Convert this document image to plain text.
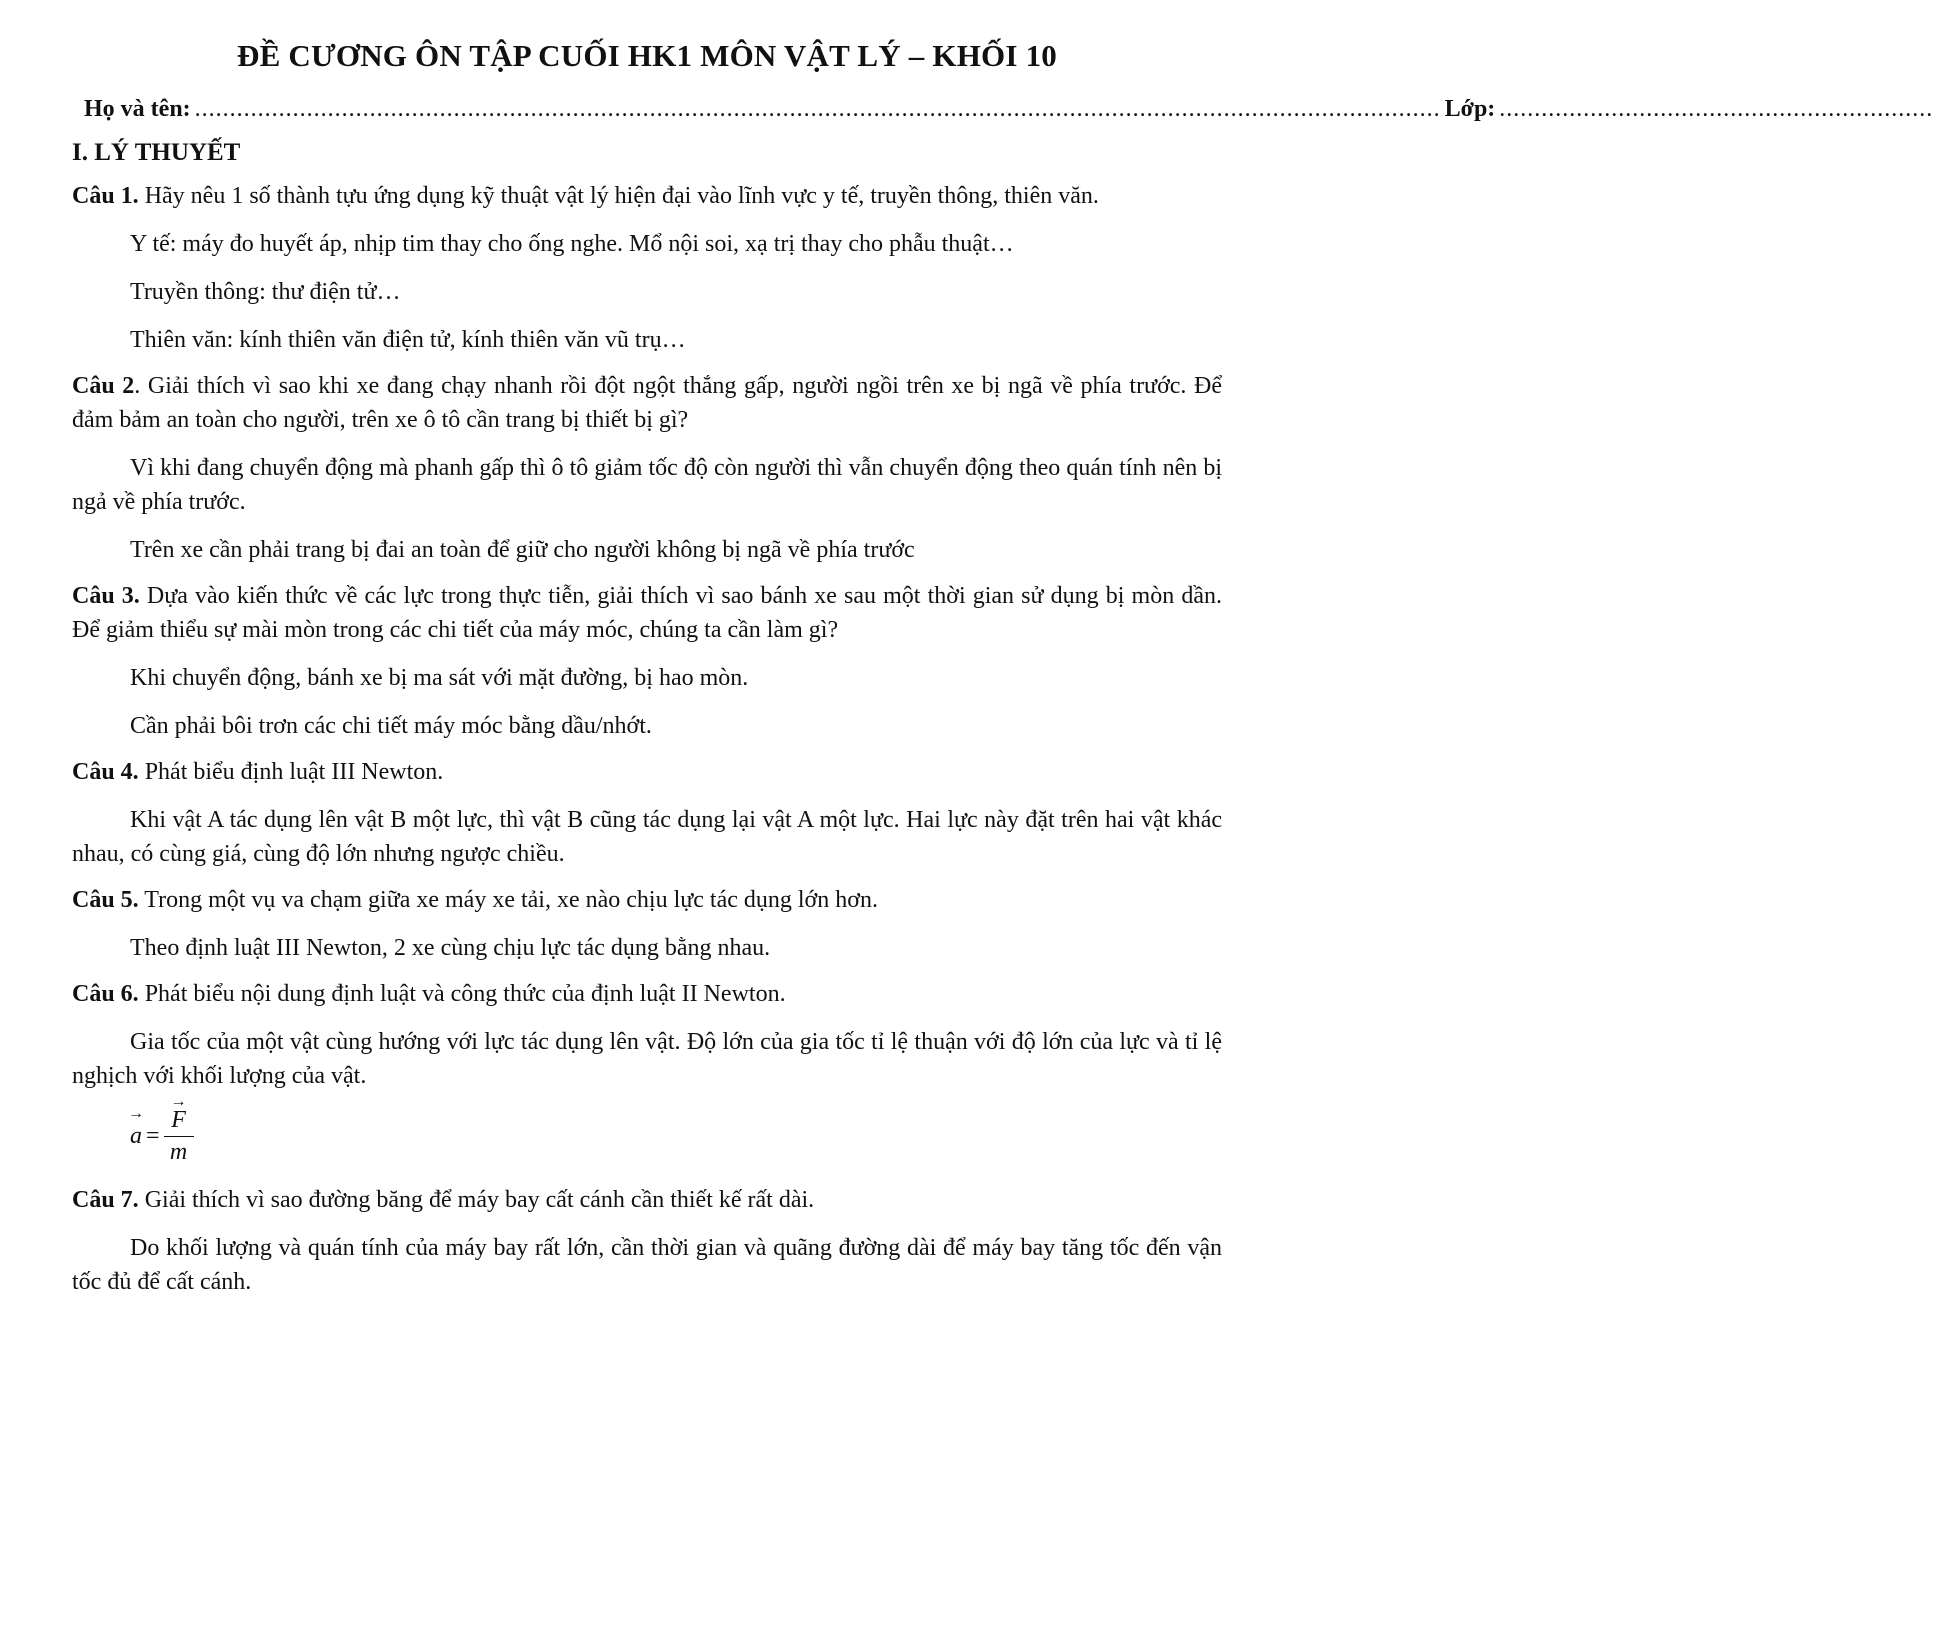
ĐỀ CƯƠNG ÔN TẬP CUỐI HK1 MÔN VẬT LÝ – KHỐI 10
Họ và tên: .................................................................................................................................................................................. Lớp: ..............................................................
I. LÝ THUYẾT
Câu 1. Hãy nêu 1 số thành tựu ứng dụng kỹ thuật vật lý hiện đại vào lĩnh vực y tế, truyền thông, thiên văn.
Y tế: máy đo huyết áp, nhịp tim thay cho ống nghe. Mổ nội soi, xạ trị thay cho phẫu thuật…
Truyền thông: thư điện tử…
Thiên văn: kính thiên văn điện tử, kính thiên văn vũ trụ…
Câu 2. Giải thích vì sao khi xe đang chạy nhanh rồi đột ngột thắng gấp, người ngồi trên xe bị ngã về phía trước. Để đảm bảm an toàn cho người, trên xe ô tô cần trang bị thiết bị gì?
Vì khi đang chuyển động mà phanh gấp thì ô tô giảm tốc độ còn người thì vẫn chuyển động theo quán tính nên bị ngả về phía trước.
Trên xe cần phải trang bị đai an toàn để giữ cho người không bị ngã về phía trước
Câu 3. Dựa vào kiến thức về các lực trong thực tiễn, giải thích vì sao bánh xe sau một thời gian sử dụng bị mòn dần. Để giảm thiểu sự mài mòn trong các chi tiết của máy móc, chúng ta cần làm gì?
Khi chuyển động, bánh xe bị ma sát với mặt đường, bị hao mòn.
Cần phải bôi trơn các chi tiết máy móc bằng dầu/nhớt.
Câu 4. Phát biểu định luật III Newton.
Khi vật A tác dụng lên vật B một lực, thì vật B cũng tác dụng lại vật A một lực. Hai lực này đặt trên hai vật khác nhau, có cùng giá, cùng độ lớn nhưng ngược chiều.
Câu 5. Trong một vụ va chạm giữa xe máy xe tải, xe nào chịu lực tác dụng lớn hơn.
Theo định luật III Newton, 2 xe cùng chịu lực tác dụng bằng nhau.
Câu 6. Phát biểu nội dung định luật và công thức của định luật II Newton.
Gia tốc của một vật cùng hướng với lực tác dụng lên vật. Độ lớn của gia tốc tỉ lệ thuận với độ lớn của lực và tỉ lệ nghịch với khối lượng của vật.
→
a = →
F
m
Câu 7. Giải thích vì sao đường băng để máy bay cất cánh cần thiết kế rất dài.
Do khối lượng và quán tính của máy bay rất lớn, cần thời gian và quãng đường dài để máy bay tăng tốc đến vận tốc đủ để cất cánh.
